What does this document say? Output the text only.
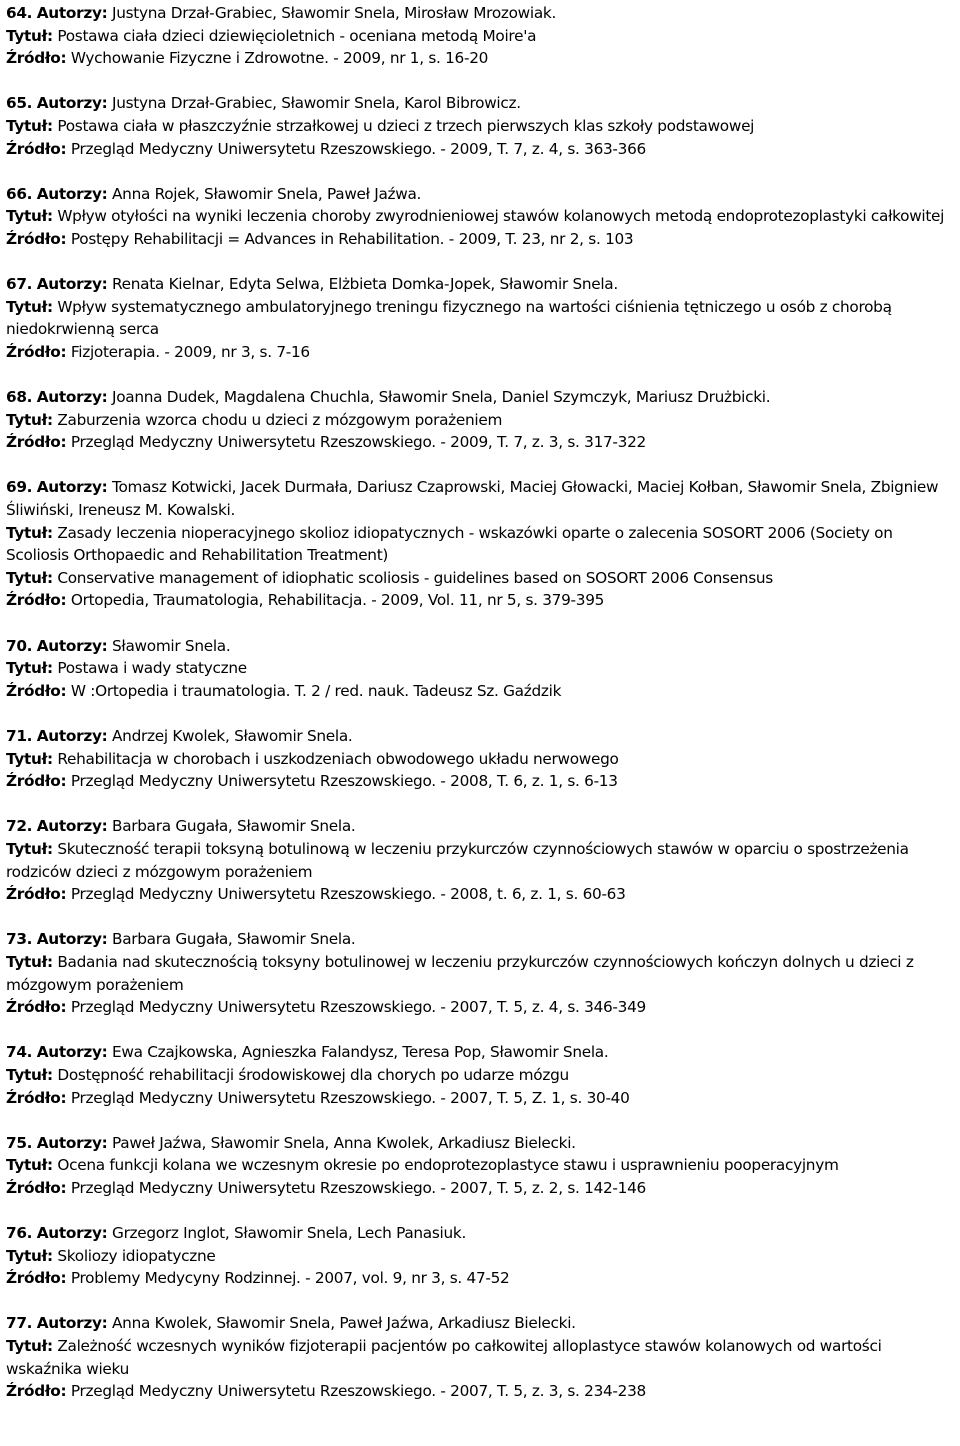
64. Autorzy: Justyna Drzał-Grabiec, Sławomir Snela, Mirosław Mrozowiak.
Tytuł: Postawa ciała dzieci dziewięcioletnich - oceniana metodą Moire'a
Źródło: Wychowanie Fizyczne i Zdrowotne. - 2009, nr 1, s. 16-20
65. Autorzy: Justyna Drzał-Grabiec, Sławomir Snela, Karol Bibrowicz.
Tytuł: Postawa ciała w płaszczyźnie strzałkowej u dzieci z trzech pierwszych klas szkoły podstawowej
Źródło: Przegląd Medyczny Uniwersytetu Rzeszowskiego. - 2009, T. 7, z. 4, s. 363-366
66. Autorzy: Anna Rojek, Sławomir Snela, Paweł Jaźwa.
Tytuł: Wpływ otyłości na wyniki leczenia choroby zwyrodnieniowej stawów kolanowych metodą endoprotezoplastyki całkowitej
Źródło: Postępy Rehabilitacji = Advances in Rehabilitation. - 2009, T. 23, nr 2, s. 103
67. Autorzy: Renata Kielnar, Edyta Selwa, Elżbieta Domka-Jopek, Sławomir Snela.
Tytuł: Wpływ systematycznego ambulatoryjnego treningu fizycznego na wartości ciśnienia tętniczego u osób z chorobą niedokrwienną serca
Źródło: Fizjoterapia. - 2009, nr 3, s. 7-16
68. Autorzy: Joanna Dudek, Magdalena Chuchla, Sławomir Snela, Daniel Szymczyk, Mariusz Drużbicki.
Tytuł: Zaburzenia wzorca chodu u dzieci z mózgowym porażeniem
Źródło: Przegląd Medyczny Uniwersytetu Rzeszowskiego. - 2009, T. 7, z. 3, s. 317-322
69. Autorzy: Tomasz Kotwicki, Jacek Durmała, Dariusz Czaprowski, Maciej Głowacki, Maciej Kołban, Sławomir Snela, Zbigniew Śliwiński, Ireneusz M. Kowalski.
Tytuł: Zasady leczenia nioperacyjnego skolioz idiopatycznych - wskazówki oparte o zalecenia SOSORT 2006 (Society on Scoliosis Orthopaedic and Rehabilitation Treatment)
Tytuł: Conservative management of idiophatic scoliosis - guidelines based on SOSORT 2006 Consensus
Źródło: Ortopedia, Traumatologia, Rehabilitacja. - 2009, Vol. 11, nr 5, s. 379-395
70. Autorzy: Sławomir Snela.
Tytuł: Postawa i wady statyczne
Źródło: W :Ortopedia i traumatologia. T. 2 / red. nauk. Tadeusz Sz. Gaździk
71. Autorzy: Andrzej Kwolek, Sławomir Snela.
Tytuł: Rehabilitacja w chorobach i uszkodzeniach obwodowego układu nerwowego
Źródło: Przegląd Medyczny Uniwersytetu Rzeszowskiego. - 2008, T. 6, z. 1, s. 6-13
72. Autorzy: Barbara Gugała, Sławomir Snela.
Tytuł: Skuteczność terapii toksyną botulinową w leczeniu przykurczów czynnościowych stawów w oparciu o spostrzeżenia rodziców dzieci z mózgowym porażeniem
Źródło: Przegląd Medyczny Uniwersytetu Rzeszowskiego. - 2008, t. 6, z. 1, s. 60-63
73. Autorzy: Barbara Gugała, Sławomir Snela.
Tytuł: Badania nad skutecznością toksyny botulinowej w leczeniu przykurczów czynnościowych kończyn dolnych u dzieci z mózgowym porażeniem
Źródło: Przegląd Medyczny Uniwersytetu Rzeszowskiego. - 2007, T. 5, z. 4, s. 346-349
74. Autorzy: Ewa Czajkowska, Agnieszka Falandysz, Teresa Pop, Sławomir Snela.
Tytuł: Dostępność rehabilitacji środowiskowej dla chorych po udarze mózgu
Źródło: Przegląd Medyczny Uniwersytetu Rzeszowskiego. - 2007, T. 5, Z. 1, s. 30-40
75. Autorzy: Paweł Jaźwa, Sławomir Snela, Anna Kwolek, Arkadiusz Bielecki.
Tytuł: Ocena funkcji kolana we wczesnym okresie po endoprotezoplastyce stawu i usprawnieniu pooperacyjnym
Źródło: Przegląd Medyczny Uniwersytetu Rzeszowskiego. - 2007, T. 5, z. 2, s. 142-146
76. Autorzy: Grzegorz Inglot, Sławomir Snela, Lech Panasiuk.
Tytuł: Skoliozy idiopatyczne
Źródło: Problemy Medycyny Rodzinnej. - 2007, vol. 9, nr 3, s. 47-52
77. Autorzy: Anna Kwolek, Sławomir Snela, Paweł Jaźwa, Arkadiusz Bielecki.
Tytuł: Zależność wczesnych wyników fizjoterapii pacjentów po całkowitej alloplastyce stawów kolanowych od wartości wskaźnika wieku
Źródło: Przegląd Medyczny Uniwersytetu Rzeszowskiego. - 2007, T. 5, z. 3, s. 234-238
